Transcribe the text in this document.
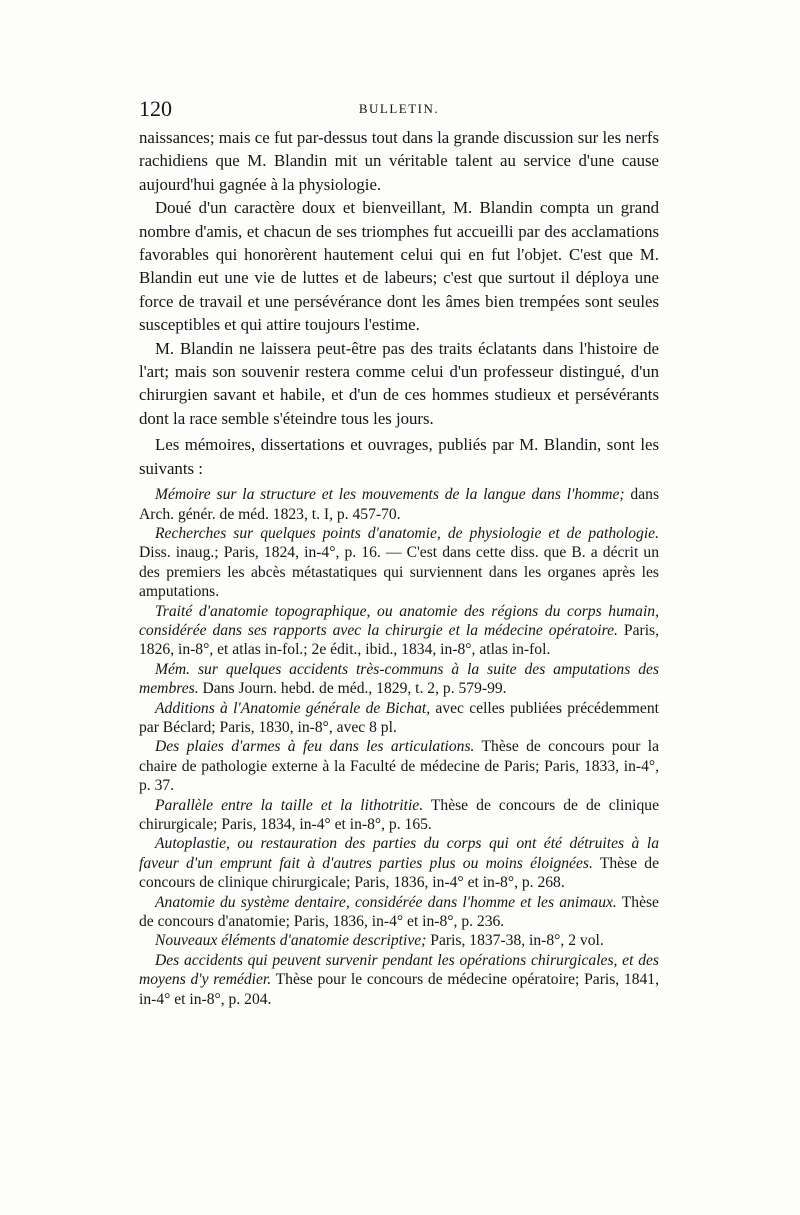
120	BULLETIN.

naissances; mais ce fut par-dessus tout dans la grande discussion sur les nerfs rachidiens que M. Blandin mit un véritable talent au service d'une cause aujourd'hui gagnée à la physiologie.

Doué d'un caractère doux et bienveillant, M. Blandin compta un grand nombre d'amis, et chacun de ses triomphes fut accueilli par des acclamations favorables qui honorèrent hautement celui qui en fut l'objet. C'est que M. Blandin eut une vie de luttes et de labeurs; c'est que surtout il déploya une force de travail et une persévérance dont les âmes bien trempées sont seules susceptibles et qui attire toujours l'estime.

M. Blandin ne laissera peut-être pas des traits éclatants dans l'histoire de l'art; mais son souvenir restera comme celui d'un professeur distingué, d'un chirurgien savant et habile, et d'un de ces hommes studieux et persévérants dont la race semble s'éteindre tous les jours.

Les mémoires, dissertations et ouvrages, publiés par M. Blandin, sont les suivants :

Mémoire sur la structure et les mouvements de la langue dans l'homme; dans Arch. génér. de méd. 1823, t. I, p. 457-70.

Recherches sur quelques points d'anatomie, de physiologie et de pathologie. Diss. inaug.; Paris, 1824, in-4°, p. 16. — C'est dans cette diss. que B. a décrit un des premiers les abcès métastatiques qui surviennent dans les organes après les amputations.

Traité d'anatomie topographique, ou anatomie des régions du corps humain, considérée dans ses rapports avec la chirurgie et la médecine opératoire. Paris, 1826, in-8°, et atlas in-fol.; 2e édit., ibid., 1834, in-8°, atlas in-fol.

Mém. sur quelques accidents très-communs à la suite des amputations des membres. Dans Journ. hebd. de méd., 1829, t. 2, p. 579-99.

Additions à l'Anatomie générale de Bichat, avec celles publiées précédemment par Béclard; Paris, 1830, in-8°, avec 8 pl.

Des plaies d'armes à feu dans les articulations. Thèse de concours pour la chaire de pathologie externe à la Faculté de médecine de Paris; Paris, 1833, in-4°, p. 37.

Parallèle entre la taille et la lithotritie. Thèse de concours de de clinique chirurgicale; Paris, 1834, in-4° et in-8°, p. 165.

Autoplastie, ou restauration des parties du corps qui ont été détruites à la faveur d'un emprunt fait à d'autres parties plus ou moins éloignées. Thèse de concours de clinique chirurgicale; Paris, 1836, in-4° et in-8°, p. 268.

Anatomie du système dentaire, considérée dans l'homme et les animaux. Thèse de concours d'anatomie; Paris, 1836, in-4° et in-8°, p. 236.

Nouveaux éléments d'anatomie descriptive; Paris, 1837-38, in-8°, 2 vol.

Des accidents qui peuvent survenir pendant les opérations chirurgicales, et des moyens d'y remédier. Thèse pour le concours de médecine opératoire; Paris, 1841, in-4° et in-8°, p. 204.
